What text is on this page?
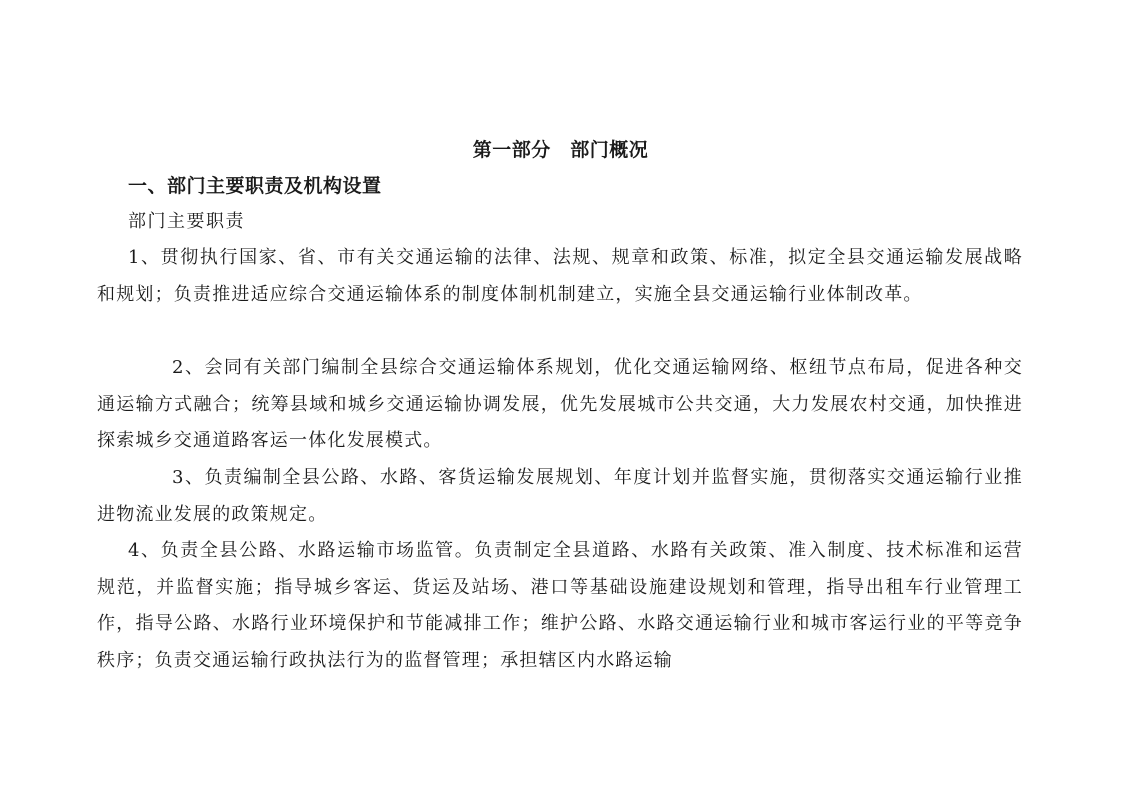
第一部分　部门概况
一、部门主要职责及机构设置
部门主要职责

1、贯彻执行国家、省、市有关交通运输的法律、法规、规章和政策、标准，拟定全县交通运输发展战略和规划；负责推进适应综合交通运输体系的制度体制机制建立，实施全县交通运输行业体制改革。

2、会同有关部门编制全县综合交通运输体系规划，优化交通运输网络、枢纽节点布局，促进各种交通运输方式融合；统筹县域和城乡交通运输协调发展，优先发展城市公共交通，大力发展农村交通，加快推进探索城乡交通道路客运一体化发展模式。

3、负责编制全县公路、水路、客货运输发展规划、年度计划并监督实施，贯彻落实交通运输行业推进物流业发展的政策规定。

4、负责全县公路、水路运输市场监管。负责制定全县道路、水路有关政策、准入制度、技术标准和运营规范，并监督实施；指导城乡客运、货运及站场、港口等基础设施建设规划和管理，指导出租车行业管理工作，指导公路、水路行业环境保护和节能减排工作；维护公路、水路交通运输行业和城市客运行业的平等竞争秩序；负责交通运输行政执法行为的监督管理；承担辖区内水路运输
